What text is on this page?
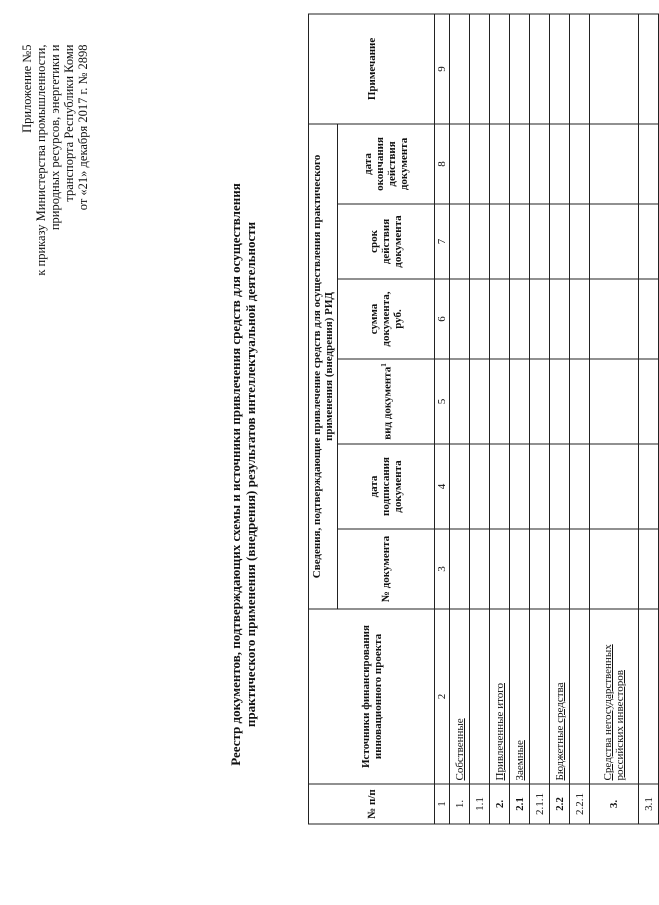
Приложение №5 к приказу Министерства промышленности, природных ресурсов, энергетики и транспорта Республики Коми от «21» декабря 2017 г. № 2898
Реестр документов, подтверждающих схемы и источники привлечения средств для осуществления практического применения (внедрения) результатов интеллектуальной деятельности
№ п/п	Источники финансирования инновационного проекта	Сведения, подтверждающие привлечение средств для осуществления практического применения (внедрения) РИД						Примечание
		№ документа	дата подписания документа	вид документа$^1$	сумма документа, руб.	срок действия документа	дата окончания действия документа	
1	2	3	4	5	6	7	8	9
1.	Собственные							
1.1								
2.	Привлеченные итого							
2.1	Заемные							
2.1.1								
2.2	Бюджетные средства							
2.2.1								
3.	Средства негосударственных российских инвесторов							
3.1								
